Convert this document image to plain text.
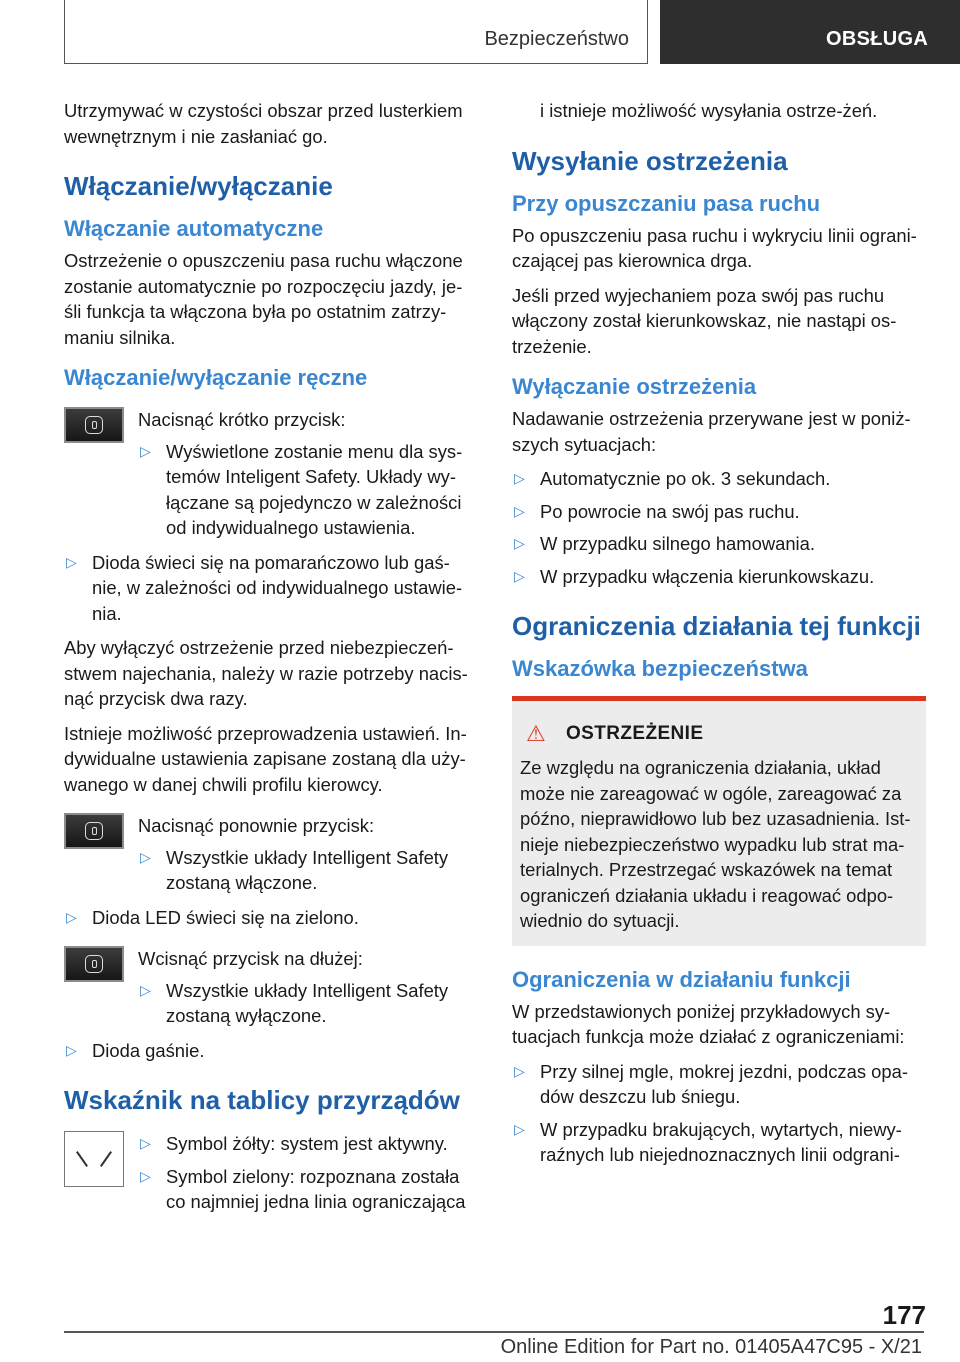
Bezpieczeństwo	OBSŁUGA

Utrzymywać w czystości obszar przed lusterkiem wewnętrznym i nie zasłaniać go.

Włączanie/wyłączanie
Włączanie automatyczne

Ostrzeżenie o opuszczeniu pasa ruchu włączone zostanie automatycznie po rozpoczęciu jazdy, je-śli funkcja ta włączona była po ostatnim zatrzy-maniu silnika.

Włączanie/wyłączanie ręczne

Nacisnąć krótko przycisk:

▷ Wyświetlone zostanie menu dla sys-temów Inteligent Safety. Układy wy-łączane są pojedynczo w zależności od indywidualnego ustawienia.
▷ Dioda świeci się na pomarańczowo lub gaś-nie, w zależności od indywidualnego ustawie-nia.

Aby wyłączyć ostrzeżenie przed niebezpieczeń-stwem najechania, należy w razie potrzeby nacis-nąć przycisk dwa razy.

Istnieje możliwość przeprowadzenia ustawień. In-dywidualne ustawienia zapisane zostaną dla uży-wanego w danej chwili profilu kierowcy.

Nacisnąć ponownie przycisk:

▷ Wszystkie układy Intelligent Safety zostaną włączone.
▷ Dioda LED świeci się na zielono.

Wcisnąć przycisk na dłużej:

▷ Wszystkie układy Intelligent Safety zostaną wyłączone.
▷ Dioda gaśnie.
Wskaźnik na tablicy przyrządów
▷ Symbol żółty: system jest aktywny.
▷ Symbol zielony: rozpoznana została co najmniej jedna linia ograniczająca

i istnieje możliwość wysyłania ostrze-żeń.

Wysyłanie ostrzeżenia
Przy opuszczaniu pasa ruchu

Po opuszczeniu pasa ruchu i wykryciu linii ograni-czającej pas kierownica drga.

Jeśli przed wyjechaniem poza swój pas ruchu włączony został kierunkowskaz, nie nastąpi os-trzeżenie.

Wyłączanie ostrzeżenia

Nadawanie ostrzeżenia przerywane jest w poniż-szych sytuacjach:

▷ Automatycznie po ok. 3 sekundach.
▷ Po powrocie na swój pas ruchu.
▷ W przypadku silnego hamowania.
▷ W przypadku włączenia kierunkowskazu.
Ograniczenia działania tej funkcji
Wskazówka bezpieczeństwa
⚠	OSTRZEŻENIE

Ze względu na ograniczenia działania, układ może nie zareagować w ogóle, zareagować za późno, nieprawidłowo lub bez uzasadnienia. Ist-nieje niebezpieczeństwo wypadku lub strat ma-terialnych. Przestrzegać wskazówek na temat ograniczeń działania układu i reagować odpo-wiednio do sytuacji.

Ograniczenia w działaniu funkcji

W przedstawionych poniżej przykładowych sy-tuacjach funkcja może działać z ograniczeniami:

▷ Przy silnej mgle, mokrej jezdni, podczas opa-dów deszczu lub śniegu.
▷ W przypadku brakujących, wytartych, niewy-raźnych lub niejednoznacznych linii odgrani-
177
Online Edition for Part no. 01405A47C95 - X/21
